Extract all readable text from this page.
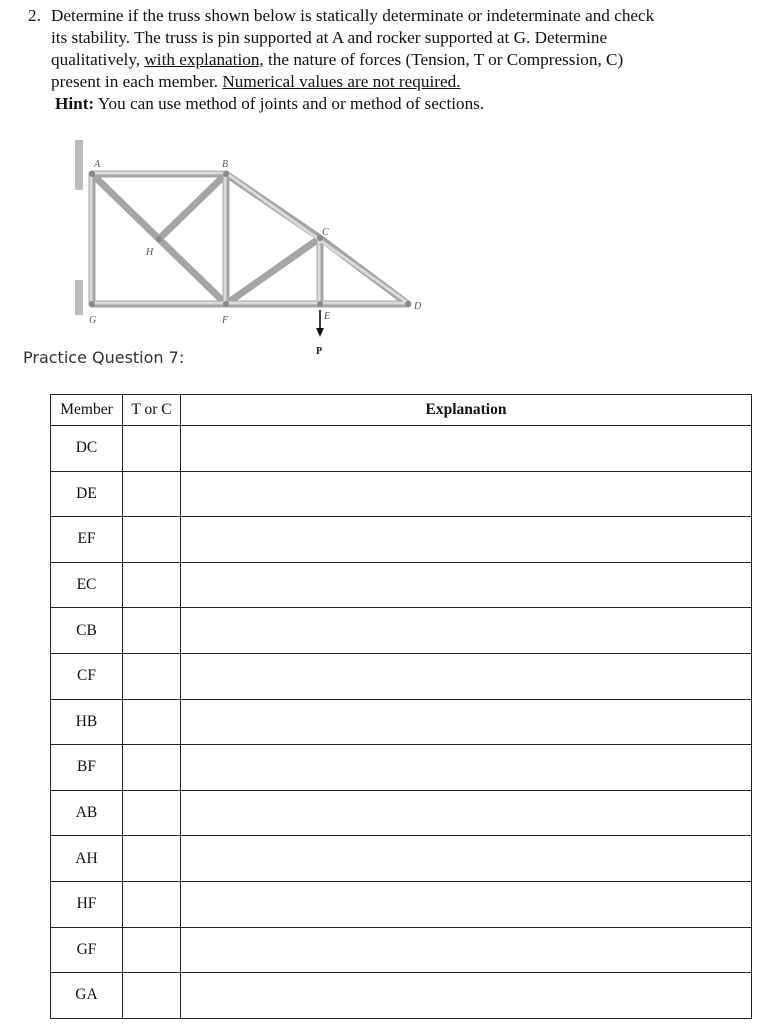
2. Determine if the truss shown below is statically determinate or indeterminate and check
its stability. The truss is pin supported at A and rocker supported at G. Determine
qualitatively, with explanation, the nature of forces (Tension, T or Compression, C)
present in each member. Numerical values are not required.
Hint: You can use method of joints and or method of sections.
A	B
C
D
E
F
G
H
P
Practice Question 7:
Member	T or C	Explanation
DC		
DE		
EF		
EC		
CB		
CF		
HB		
BF		
AB		
AH		
HF		
GF		
GA		
